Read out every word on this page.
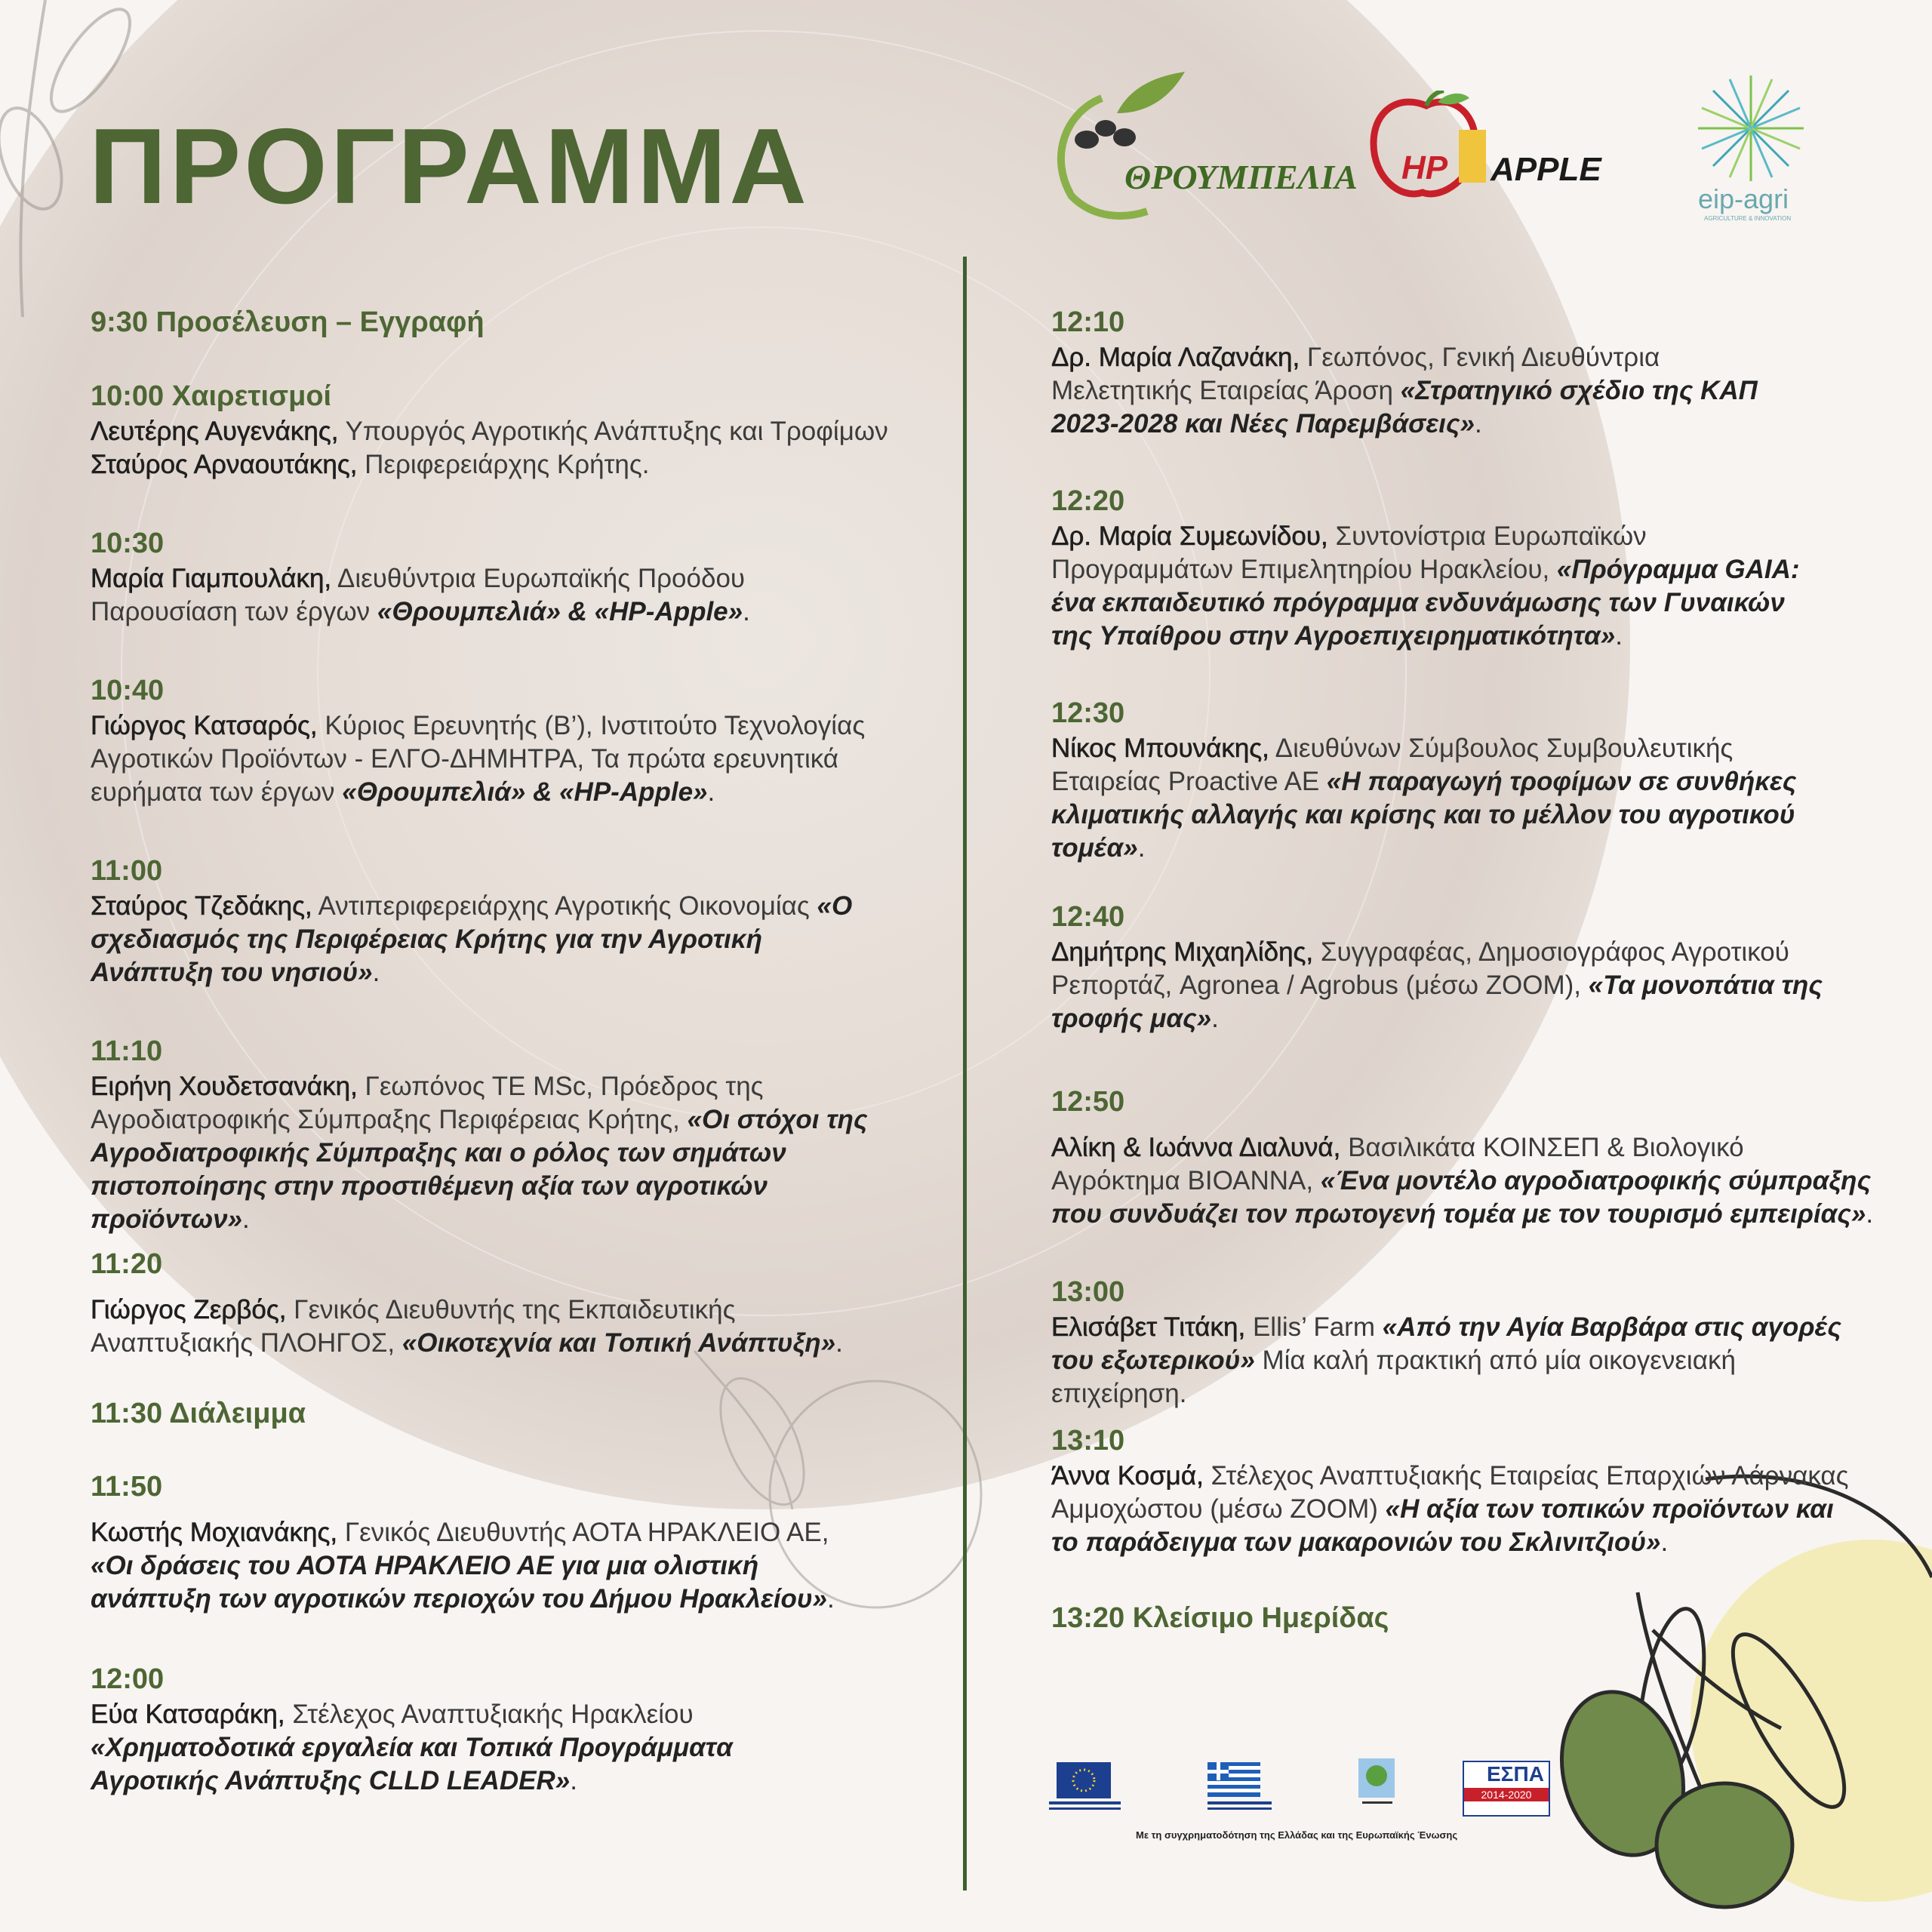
ΠΡΟΓΡΑΜΜΑ	ΘΡΟΥΜΠΕΛΙΑ HP APPLE
eip-agri
AGRICULTURE & INNOVATION
9:30 Προσέλευση – Εγγραφή
10:00 Χαιρετισμοί
Λευτέρης Αυγενάκης, Υπουργός Αγροτικής Ανάπτυξης και Τροφίμων
Σταύρος Αρναουτάκης, Περιφερειάρχης Κρήτης.
10:30
Μαρία Γιαμπουλάκη, Διευθύντρια Ευρωπαϊκής Προόδου Παρουσίαση των έργων «Θρουμπελιά» & «HP-Apple».
10:40
Γιώργος Κατσαρός, Κύριος Ερευνητής (Β’), Ινστιτούτο Τεχνολογίας Αγροτικών Προϊόντων - ΕΛΓΟ-ΔΗΜΗΤΡΑ, Τα πρώτα ερευνητικά ευρήματα των έργων «Θρουμπελιά» & «HP-Apple».
11:00
Σταύρος Τζεδάκης, Αντιπεριφερειάρχης Αγροτικής Οικονομίας «Ο σχεδιασμός της Περιφέρειας Κρήτης για την Αγροτική Ανάπτυξη του νησιού».
11:10
Ειρήνη Χουδετσανάκη, Γεωπόνος ΤΕ MSc, Πρόεδρος της Αγροδιατροφικής Σύμπραξης Περιφέρειας Κρήτης, «Οι στόχοι της Αγροδιατροφικής Σύμπραξης και ο ρόλος των σημάτων πιστοποίησης στην προστιθέμενη αξία των αγροτικών προϊόντων».
11:20
Γιώργος Ζερβός, Γενικός Διευθυντής της Εκπαιδευτικής Αναπτυξιακής ΠΛΟΗΓΟΣ, «Οικοτεχνία και Τοπική Ανάπτυξη».
11:30 Διάλειμμα
11:50
Κωστής Μοχιανάκης, Γενικός Διευθυντής ΑΟΤΑ ΗΡΑΚΛΕΙΟ ΑΕ, «Οι δράσεις του ΑΟΤΑ ΗΡΑΚΛΕΙΟ ΑΕ για μια ολιστική ανάπτυξη των αγροτικών περιοχών του Δήμου Ηρακλείου».
12:00
Εύα Κατσαράκη, Στέλεχος Αναπτυξιακής Ηρακλείου «Χρηματοδοτικά εργαλεία και Τοπικά Προγράμματα Αγροτικής Ανάπτυξης CLLD LEADER».
12:10
Δρ. Μαρία Λαζανάκη, Γεωπόνος, Γενική Διευθύντρια Μελετητικής Εταιρείας Άροση «Στρατηγικό σχέδιο της ΚΑΠ 2023-2028 και Νέες Παρεμβάσεις».
12:20
Δρ. Μαρία Συμεωνίδου, Συντονίστρια Ευρωπαϊκών Προγραμμάτων Επιμελητηρίου Ηρακλείου, «Πρόγραμμα GAIA: ένα εκπαιδευτικό πρόγραμμα ενδυνάμωσης των Γυναικών της Υπαίθρου στην Αγροεπιχειρηματικότητα».
12:30
Νίκος Μπουνάκης, Διευθύνων Σύμβουλος Συμβουλευτικής Εταιρείας Proactive AE «Η παραγωγή τροφίμων σε συνθήκες κλιματικής αλλαγής και κρίσης και το μέλλον του αγροτικού τομέα».
12:40
Δημήτρης Μιχαηλίδης, Συγγραφέας, Δημοσιογράφος Αγροτικού Ρεπορτάζ, Agronea / Agrobus (μέσω ZOOM), «Τα μονοπάτια της τροφής μας».
12:50
Αλίκη & Ιωάννα Διαλυνά, Βασιλικάτα ΚΟΙΝΣΕΠ & Βιολογικό Αγρόκτημα ΒΙΟΑΝΝΑ, «Ένα μοντέλο αγροδιατροφικής σύμπραξης που συνδυάζει τον πρωτογενή τομέα με τον τουρισμό εμπειρίας».
13:00
Ελισάβετ Τιτάκη, Ellis’ Farm «Από την Αγία Βαρβάρα στις αγορές του εξωτερικού» Μία καλή πρακτική από μία οικογενειακή επιχείρηση.
13:10
Άννα Κοσμά, Στέλεχος Αναπτυξιακής Εταιρείας Επαρχιών Λάρνακας Αμμοχώστου (μέσω ZOOM) «Η αξία των τοπικών προϊόντων και το παράδειγμα των μακαρονιών του Σκλινιτζιού».
13:20 Κλείσιμο Ημερίδας
ΕΣΠΑ
2014-2020
Με τη συγχρηματοδότηση της Ελλάδας και της Ευρωπαϊκής Ένωσης
